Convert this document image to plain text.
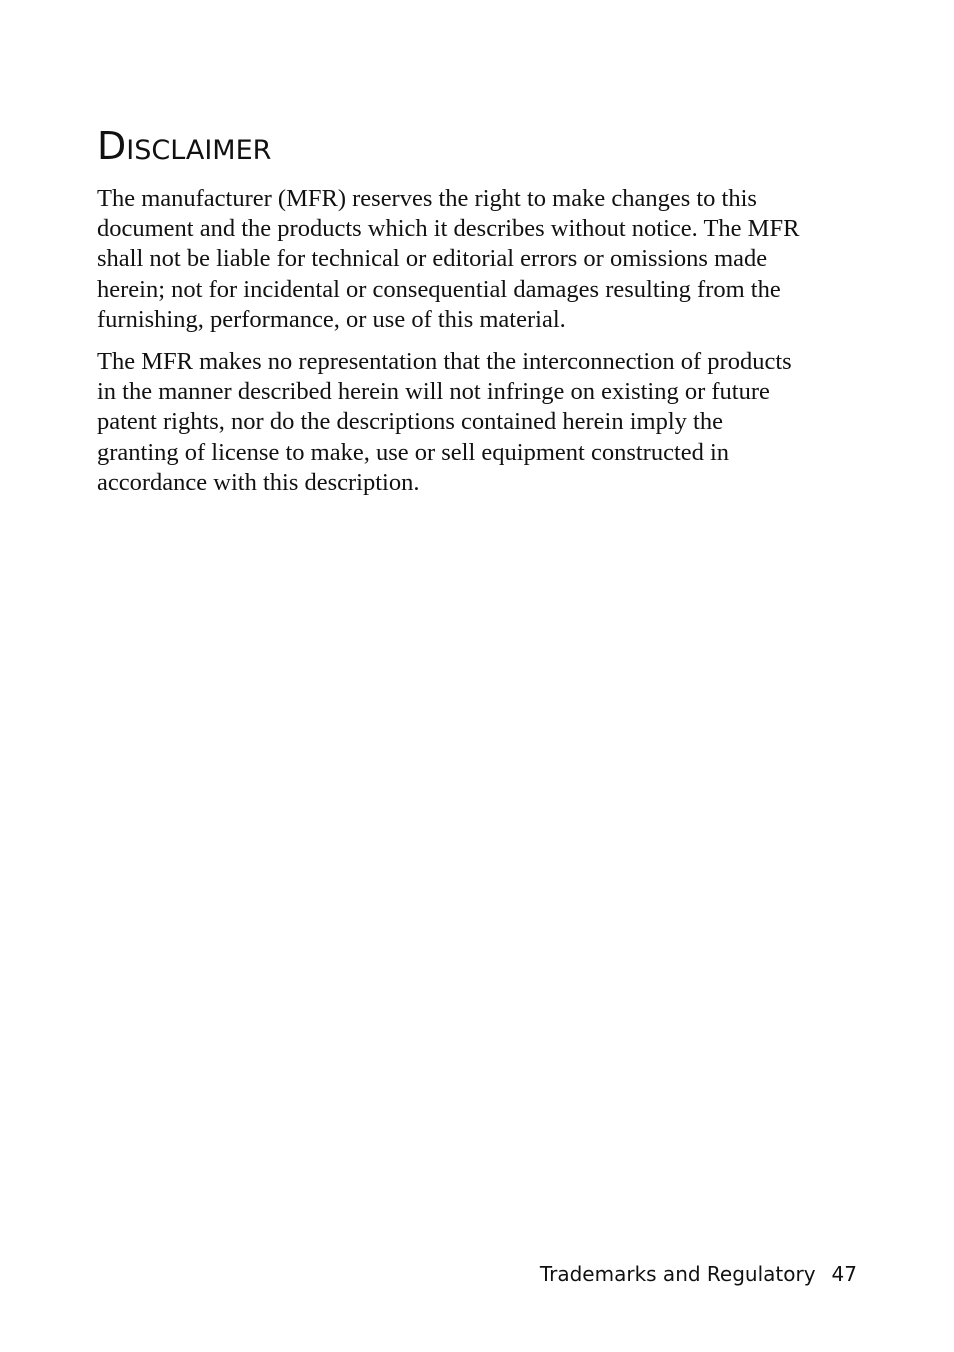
Disclaimer

The manufacturer (MFR) reserves the right to make changes to this
document and the products which it describes without notice. The MFR
shall not be liable for technical or editorial errors or omissions made
herein; not for incidental or consequential damages resulting from the
furnishing, performance, or use of this material.

The MFR makes no representation that the interconnection of products
in the manner described herein will not infringe on existing or future
patent rights, nor do the descriptions contained herein imply the
granting of license to make, use or sell equipment constructed in
accordance with this description.

Trademarks and Regulatory 47
